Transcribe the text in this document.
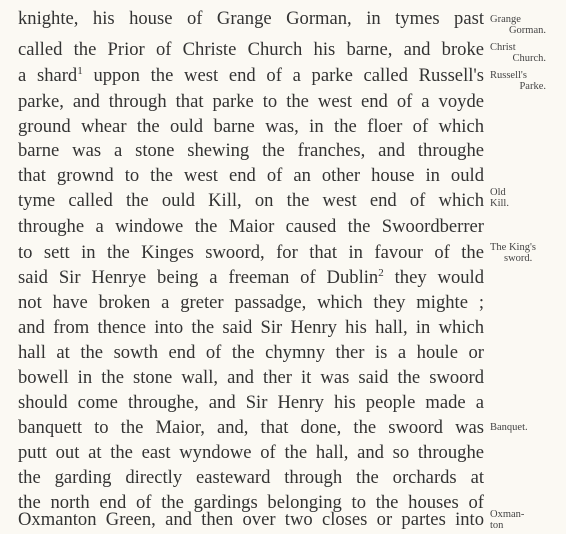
knighte, his house of Grange Gorman, in tymes past
called the Prior of Christe Church his barne, and broke
a shard$^1$ uppon the west end of a parke called Russell's
parke, and through that parke to the west end of a voyde
ground whear the ould barne was, in the floer of which
barne was a stone shewing the franches, and throughe
that grownd to the west end of an other house in ould
tyme called the ould Kill, on the west end of which
throughe a windowe the Maior caused the Swoordberrer
to sett in the Kinges swoord, for that in favour of the
said Sir Henrye being a freeman of Dublin$^2$ they would
not have broken a greter passadge, which they mighte ;
and from thence into the said Sir Henry his hall, in which
hall at the sowth end of the chymny ther is a houle or
bowell in the stone wall, and ther it was said the swoord
should come throughe, and Sir Henry his people made a
banquett to the Maior, and, that done, the swoord was
putt out at the east wyndowe of the hall, and so throughe
the garding directly easteward through the orchards at
the north end of the gardings belonging to the houses of
Oxmanton Green, and then over two closes or partes into
Grange
Gorman.
Christ
Church.
Russell's
Parke.
Old
Kill.
The King's
sword.
Banquet.
Oxman-
ton
